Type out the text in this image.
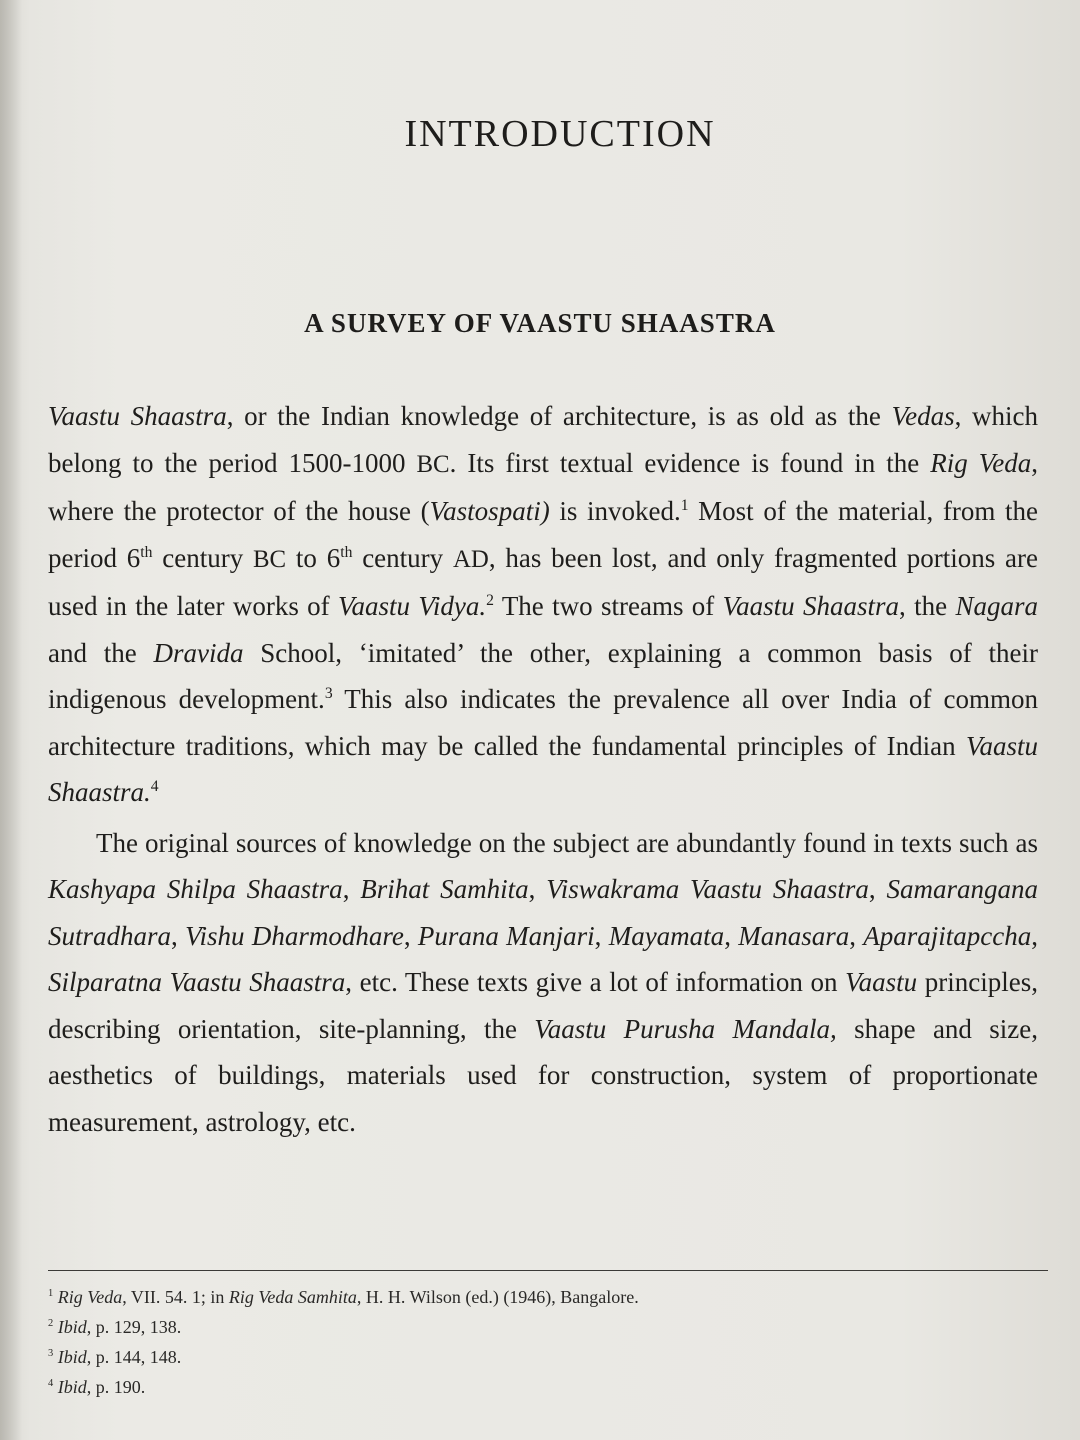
INTRODUCTION
A SURVEY OF VAASTU SHAASTRA

Vaastu Shaastra, or the Indian knowledge of architecture, is as old as the Vedas, which belong to the period 1500-1000 BC. Its first textual evidence is found in the Rig Veda, where the protector of the house (Vastospati) is invoked.$^1$ Most of the material, from the period 6th century BC to 6th century AD, has been lost, and only fragmented portions are used in the later works of Vaastu Vidya.$^2$ The two streams of Vaastu Shaastra, the Nagara and the Dravida School, ‘imitated’ the other, explaining a common basis of their indigenous development.$^3$ This also indicates the prevalence all over India of common architecture traditions, which may be called the fundamental principles of Indian Vaastu Shaastra.$^4$

The original sources of knowledge on the subject are abundantly found in texts such as Kashyapa Shilpa Shaastra, Brihat Samhita, Viswakrama Vaastu Shaastra, Samarangana Sutradhara, Vishu Dharmodhare, Purana Manjari, Mayamata, Manasara, Aparajitapccha, Silparatna Vaastu Shaastra, etc. These texts give a lot of information on Vaastu principles, describing orientation, site-planning, the Vaastu Purusha Mandala, shape and size, aesthetics of buildings, materials used for construction, system of proportionate measurement, astrology, etc.

$^1$ Rig Veda, VII. 54. 1; in Rig Veda Samhita, H. H. Wilson (ed.) (1946), Bangalore.
$^2$ Ibid, p. 129, 138.
$^3$ Ibid, p. 144, 148.
$^4$ Ibid, p. 190.
